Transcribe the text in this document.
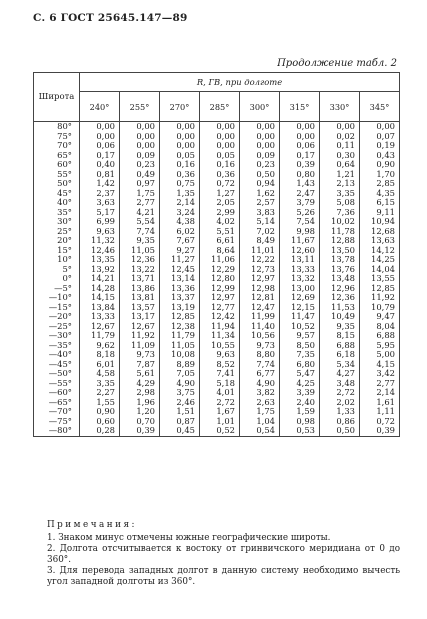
С. 6 ГОСТ 25645.147—89
Продолжение табл. 2
Широта	R, ГВ, при долготе							
	240°	255°	270°	285°	300°	315°	330°	345°
80°	0,00	0,00	0,00	0,00	0,00	0,00	0,00	0,00
75°	0,00	0,00	0,00	0,00	0,00	0,00	0,02	0,07
70°	0,06	0,00	0,00	0,00	0,00	0,06	0,11	0,19
65°	0,17	0,09	0,05	0,05	0,09	0,17	0,30	0,43
60°	0,40	0,23	0,16	0,16	0,23	0,39	0,64	0,90
55°	0,81	0,49	0,36	0,36	0,50	0,80	1,21	1,70
50°	1,42	0,97	0,75	0,72	0,94	1,43	2,13	2,85
45°	2,37	1,75	1,35	1,27	1,62	2,47	3,35	4,35
40°	3,63	2,77	2,14	2,05	2,57	3,79	5,08	6,15
35°	5,17	4,21	3,24	2,99	3,83	5,26	7,36	9,11
30°	6,99	5,54	4,38	4,02	5,14	7,54	10,02	10,94
25°	9,63	7,74	6,02	5,51	7,02	9,98	11,78	12,68
20°	11,32	9,35	7,67	6,61	8,49	11,67	12,88	13,63
15°	12,46	11,05	9,27	8,64	11,01	12,60	13,50	14,12
10°	13,35	12,36	11,27	11,06	12,22	13,11	13,78	14,25
5°	13,92	13,22	12,45	12,29	12,73	13,33	13,76	14,04
0°	14,21	13,71	13,14	12,80	12,97	13,32	13,48	13,55
—5°	14,28	13,86	13,36	12,99	12,98	13,00	12,96	12,85
—10°	14,15	13,81	13,37	12,97	12,81	12,69	12,36	11,92
—15°	13,84	13,57	13,19	12,77	12,47	12,15	11,53	10,79
—20°	13,33	13,17	12,85	12,42	11,99	11,47	10,49	9,47
—25°	12,67	12,67	12,38	11,94	11,40	10,52	9,35	8,04
—30°	11,79	11,92	11,79	11,34	10,56	9,57	8,15	6,88
—35°	9,62	11,09	11,05	10,55	9,73	8,50	6,88	5,95
—40°	8,18	9,73	10,08	9,63	8,80	7,35	6,18	5,00
—45°	6,01	7,87	8,89	8,52	7,74	6,80	5,34	4,15
—50°	4,58	5,61	7,05	7,41	6,77	5,47	4,27	3,42
—55°	3,35	4,29	4,90	5,18	4,90	4,25	3,48	2,77
—60°	2,27	2,98	3,75	4,01	3,82	3,39	2,72	2,14
—65°	1,55	1,96	2,46	2,72	2,63	2,40	2,02	1,61
—70°	0,90	1,20	1,51	1,67	1,75	1,59	1,33	1,11
—75°	0,60	0,70	0,87	1,01	1,04	0,98	0,86	0,72
—80°	0,28	0,39	0,45	0,52	0,54	0,53	0,50	0,39
Примечания:
1. Знаком минус отмечены южные географические широты.
2. Долгота отсчитывается к востоку от гринвичского меридиана от 0 до 360°.
3. Для перевода западных долгот в данную систему необходимо вычесть угол западной долготы из 360°.
